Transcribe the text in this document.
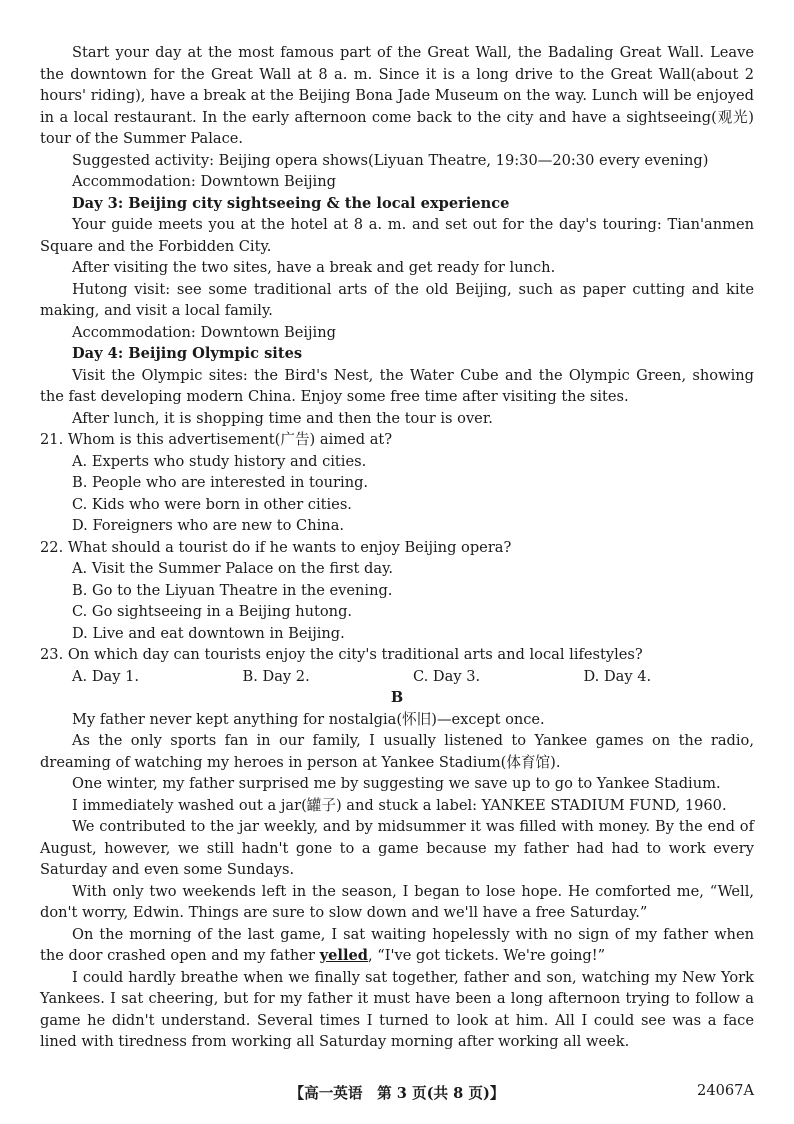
Start your day at the most famous part of the Great Wall, the Badaling Great Wall. Leave the downtown for the Great Wall at 8 a. m. Since it is a long drive to the Great Wall(about 2 hours' riding), have a break at the Beijing Bona Jade Museum on the way. Lunch will be enjoyed in a local restaurant. In the early afternoon come back to the city and have a sightseeing(观光) tour of the Summer Palace.

Suggested activity: Beijing opera shows(Liyuan Theatre, 19:30—20:30 every evening)

Accommodation: Downtown Beijing

Day 3: Beijing city sightseeing & the local experience

Your guide meets you at the hotel at 8 a. m. and set out for the day's touring: Tian'anmen Square and the Forbidden City.

After visiting the two sites, have a break and get ready for lunch.

Hutong visit: see some traditional arts of the old Beijing, such as paper cutting and kite making, and visit a local family.

Accommodation: Downtown Beijing

Day 4: Beijing Olympic sites

Visit the Olympic sites: the Bird's Nest, the Water Cube and the Olympic Green, showing the fast developing modern China. Enjoy some free time after visiting the sites.

After lunch, it is shopping time and then the tour is over.

21. Whom is this advertisement(广告) aimed at?

A. Experts who study history and cities.

B. People who are interested in touring.

C. Kids who were born in other cities.

D. Foreigners who are new to China.

22. What should a tourist do if he wants to enjoy Beijing opera?

A. Visit the Summer Palace on the first day.

B. Go to the Liyuan Theatre in the evening.

C. Go sightseeing in a Beijing hutong.

D. Live and eat downtown in Beijing.

23. On which day can tourists enjoy the city's traditional arts and local lifestyles?

A. Day 1.	B. Day 2.	C. Day 3.	D. Day 4.

B

My father never kept anything for nostalgia(怀旧)—except once.

As the only sports fan in our family, I usually listened to Yankee games on the radio, dreaming of watching my heroes in person at Yankee Stadium(体育馆).

One winter, my father surprised me by suggesting we save up to go to Yankee Stadium.

I immediately washed out a jar(罐子) and stuck a label: YANKEE STADIUM FUND, 1960.

We contributed to the jar weekly, and by midsummer it was filled with money. By the end of August, however, we still hadn't gone to a game because my father had had to work every Saturday and even some Sundays.

With only two weekends left in the season, I began to lose hope. He comforted me, “Well, don't worry, Edwin. Things are sure to slow down and we'll have a free Saturday.”

On the morning of the last game, I sat waiting hopelessly with no sign of my father when the door crashed open and my father yelled, “I've got tickets. We're going!”

I could hardly breathe when we finally sat together, father and son, watching my New York Yankees. I sat cheering, but for my father it must have been a long afternoon trying to follow a game he didn't understand. Several times I turned to look at him. All I could see was a face lined with tiredness from working all Saturday morning after working all week.

【高一英语　第 3 页(共 8 页)】	24067A
